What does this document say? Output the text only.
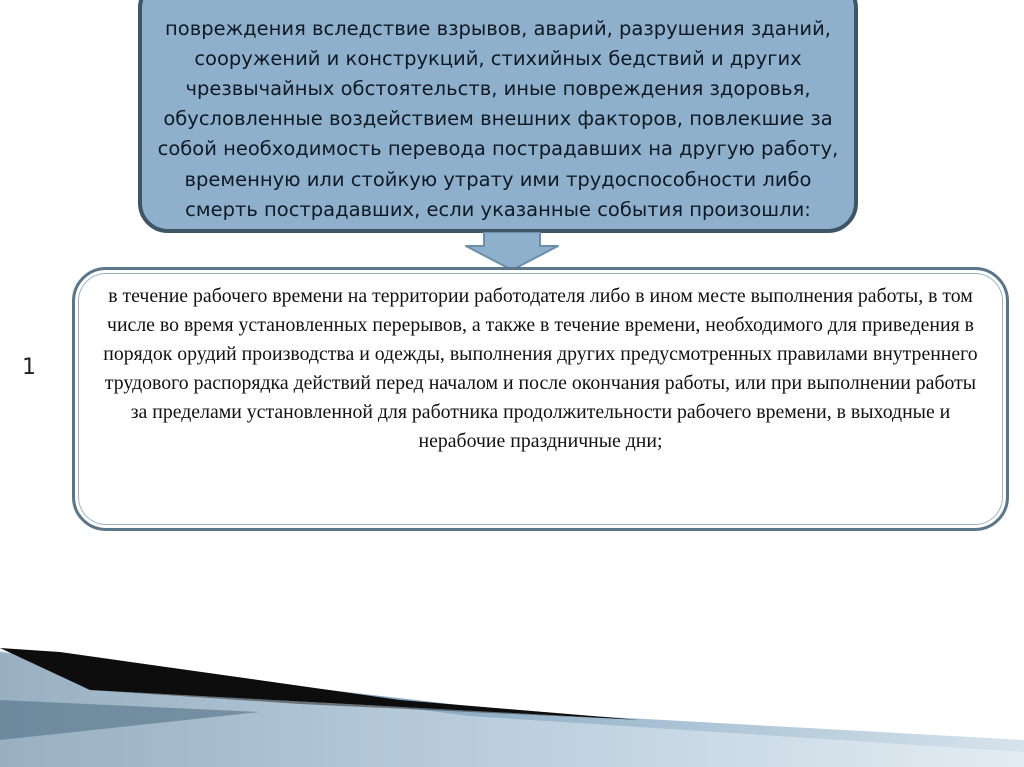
повреждения вследствие взрывов, аварий, разрушения зданий, сооружений и конструкций, стихийных бедствий и других чрезвычайных обстоятельств, иные повреждения здоровья, обусловленные воздействием внешних факторов, повлекшие за собой необходимость перевода пострадавших на другую работу, временную или стойкую утрату ими трудоспособности либо смерть пострадавших, если указанные события произошли:

в течение рабочего времени на территории работодателя либо в ином месте выполнения работы, в том числе во время установленных перерывов, а также в течение времени, необходимого для приведения в порядок орудий производства и одежды, выполнения других предусмотренных правилами внутреннего трудового распорядка действий перед началом и после окончания работы, или при выполнении работы за пределами установленной для работника продолжительности рабочего времени, в выходные и нерабочие праздничные дни;

1
